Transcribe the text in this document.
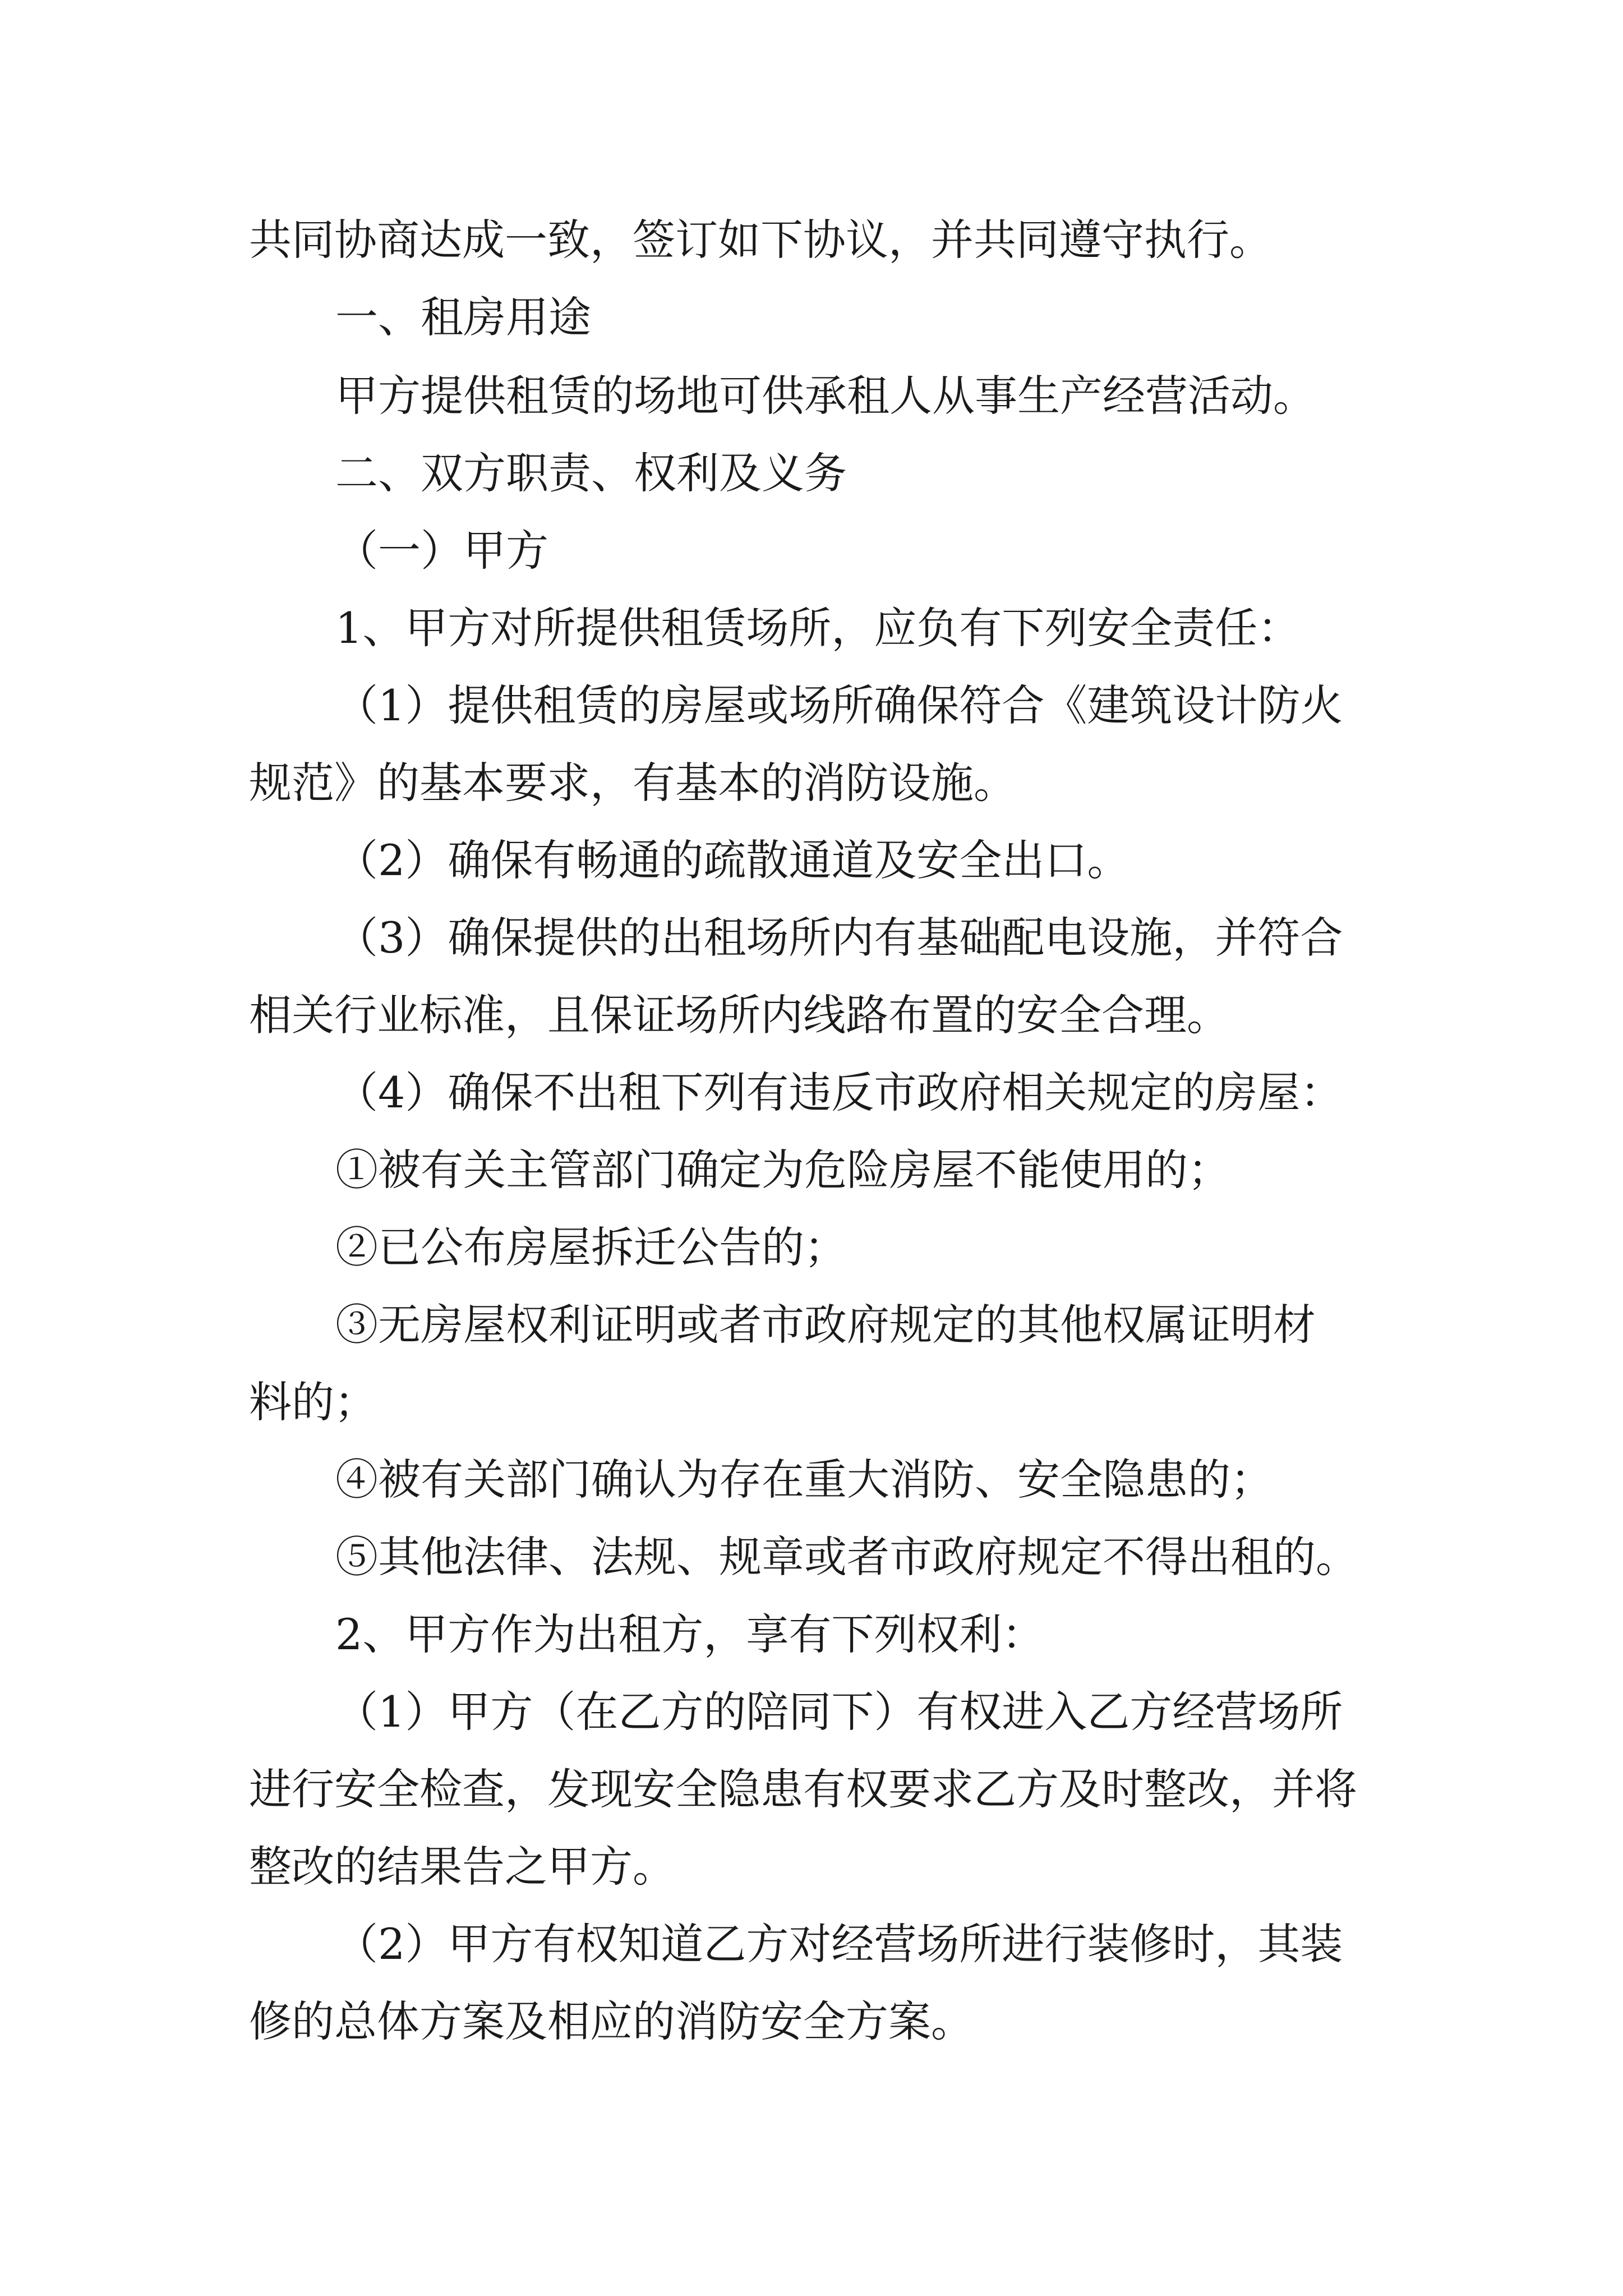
共同协商达成一致，签订如下协议，并共同遵守执行。
一、租房用途
甲方提供租赁的场地可供承租人从事生产经营活动。
二、双方职责、权利及义务
（一）甲方
1、甲方对所提供租赁场所，应负有下列安全责任：
（1）提供租赁的房屋或场所确保符合《建筑设计防火
规范》的基本要求，有基本的消防设施。
（2）确保有畅通的疏散通道及安全出口。
（3）确保提供的出租场所内有基础配电设施，并符合
相关行业标准，且保证场所内线路布置的安全合理。
（4）确保不出租下列有违反市政府相关规定的房屋：
①被有关主管部门确定为危险房屋不能使用的；
②已公布房屋拆迁公告的；
③无房屋权利证明或者市政府规定的其他权属证明材
料的；
④被有关部门确认为存在重大消防、安全隐患的；
⑤其他法律、法规、规章或者市政府规定不得出租的。
2、甲方作为出租方，享有下列权利：
（1）甲方（在乙方的陪同下）有权进入乙方经营场所
进行安全检查，发现安全隐患有权要求乙方及时整改，并将
整改的结果告之甲方。
（2）甲方有权知道乙方对经营场所进行装修时，其装
修的总体方案及相应的消防安全方案。
